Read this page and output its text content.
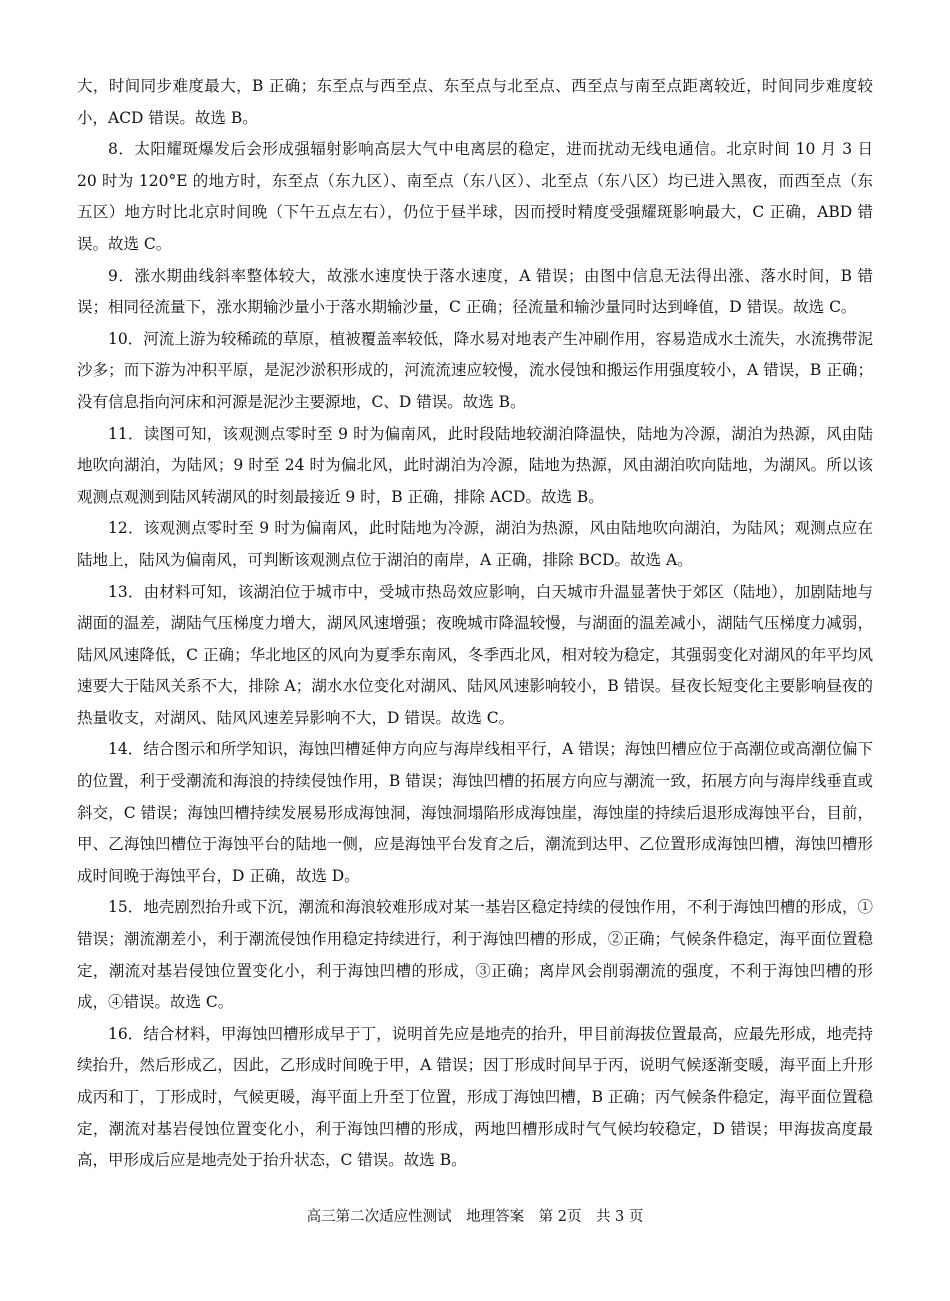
大，时间同步难度最大，B 正确；东至点与西至点、东至点与北至点、西至点与南至点距离较近，时间同步难度较小，ACD 错误。故选 B。

8．太阳耀斑爆发后会形成强辐射影响高层大气中电离层的稳定，进而扰动无线电通信。北京时间 10 月 3 日 20 时为 120°E 的地方时，东至点（东九区）、南至点（东八区）、北至点（东八区）均已进入黑夜，而西至点（东五区）地方时比北京时间晚（下午五点左右），仍位于昼半球，因而授时精度受强耀斑影响最大，C 正确，ABD 错误。故选 C。

9．涨水期曲线斜率整体较大，故涨水速度快于落水速度，A 错误；由图中信息无法得出涨、落水时间，B 错误；相同径流量下，涨水期输沙量小于落水期输沙量，C 正确；径流量和输沙量同时达到峰值，D 错误。故选 C。

10．河流上游为较稀疏的草原，植被覆盖率较低，降水易对地表产生冲刷作用，容易造成水土流失，水流携带泥沙多；而下游为冲积平原，是泥沙淤积形成的，河流流速应较慢，流水侵蚀和搬运作用强度较小，A 错误，B 正确；没有信息指向河床和河源是泥沙主要源地，C、D 错误。故选 B。

11．读图可知，该观测点零时至 9 时为偏南风，此时段陆地较湖泊降温快，陆地为冷源，湖泊为热源，风由陆地吹向湖泊，为陆风；9 时至 24 时为偏北风，此时湖泊为冷源，陆地为热源，风由湖泊吹向陆地，为湖风。所以该观测点观测到陆风转湖风的时刻最接近 9 时，B 正确，排除 ACD。故选 B。

12．该观测点零时至 9 时为偏南风，此时陆地为冷源，湖泊为热源，风由陆地吹向湖泊，为陆风；观测点应在陆地上，陆风为偏南风，可判断该观测点位于湖泊的南岸，A 正确，排除 BCD。故选 A。

13．由材料可知，该湖泊位于城市中，受城市热岛效应影响，白天城市升温显著快于郊区（陆地），加剧陆地与湖面的温差，湖陆气压梯度力增大，湖风风速增强；夜晚城市降温较慢，与湖面的温差减小，湖陆气压梯度力减弱，陆风风速降低，C 正确；华北地区的风向为夏季东南风，冬季西北风，相对较为稳定，其强弱变化对湖风的年平均风速要大于陆风关系不大，排除 A；湖水水位变化对湖风、陆风风速影响较小，B 错误。昼夜长短变化主要影响昼夜的热量收支，对湖风、陆风风速差异影响不大，D 错误。故选 C。

14．结合图示和所学知识，海蚀凹槽延伸方向应与海岸线相平行，A 错误；海蚀凹槽应位于高潮位或高潮位偏下的位置，利于受潮流和海浪的持续侵蚀作用，B 错误；海蚀凹槽的拓展方向应与潮流一致，拓展方向与海岸线垂直或斜交，C 错误；海蚀凹槽持续发展易形成海蚀洞，海蚀洞塌陷形成海蚀崖，海蚀崖的持续后退形成海蚀平台，目前，甲、乙海蚀凹槽位于海蚀平台的陆地一侧，应是海蚀平台发育之后，潮流到达甲、乙位置形成海蚀凹槽，海蚀凹槽形成时间晚于海蚀平台，D 正确，故选 D。

15．地壳剧烈抬升或下沉，潮流和海浪较难形成对某一基岩区稳定持续的侵蚀作用，不利于海蚀凹槽的形成，①错误；潮流潮差小，利于潮流侵蚀作用稳定持续进行，利于海蚀凹槽的形成，②正确；气候条件稳定，海平面位置稳定，潮流对基岩侵蚀位置变化小，利于海蚀凹槽的形成，③正确；离岸风会削弱潮流的强度，不利于海蚀凹槽的形成，④错误。故选 C。

16．结合材料，甲海蚀凹槽形成早于丁，说明首先应是地壳的抬升，甲目前海拔位置最高，应最先形成，地壳持续抬升，然后形成乙，因此，乙形成时间晚于甲，A 错误；因丁形成时间早于丙，说明气候逐渐变暖，海平面上升形成丙和丁，丁形成时，气候更暖，海平面上升至丁位置，形成丁海蚀凹槽，B 正确；丙气候条件稳定，海平面位置稳定，潮流对基岩侵蚀位置变化小，利于海蚀凹槽的形成，两地凹槽形成时气气候均较稳定，D 错误；甲海拔高度最高，甲形成后应是地壳处于抬升状态，C 错误。故选 B。

高三第二次适应性测试　地理答案　第 2页　共 3 页
